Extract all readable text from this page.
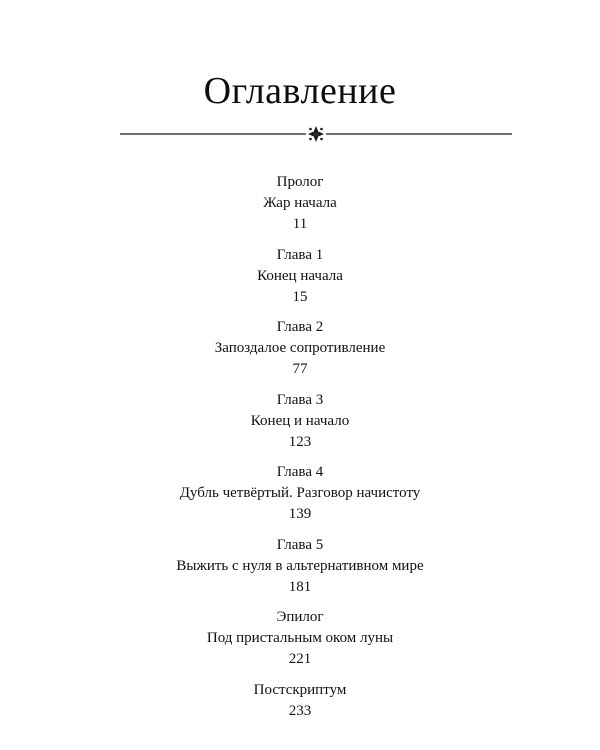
Оглавление
Пролог
Жар начала
11
Глава 1
Конец начала
15
Глава 2
Запоздалое сопротивление
77
Глава 3
Конец и начало
123
Глава 4
Дубль четвёртый. Разговор начистоту
139
Глава 5
Выжить с нуля в альтернативном мире
181
Эпилог
Под пристальным оком луны
221
Постскриптум
233
